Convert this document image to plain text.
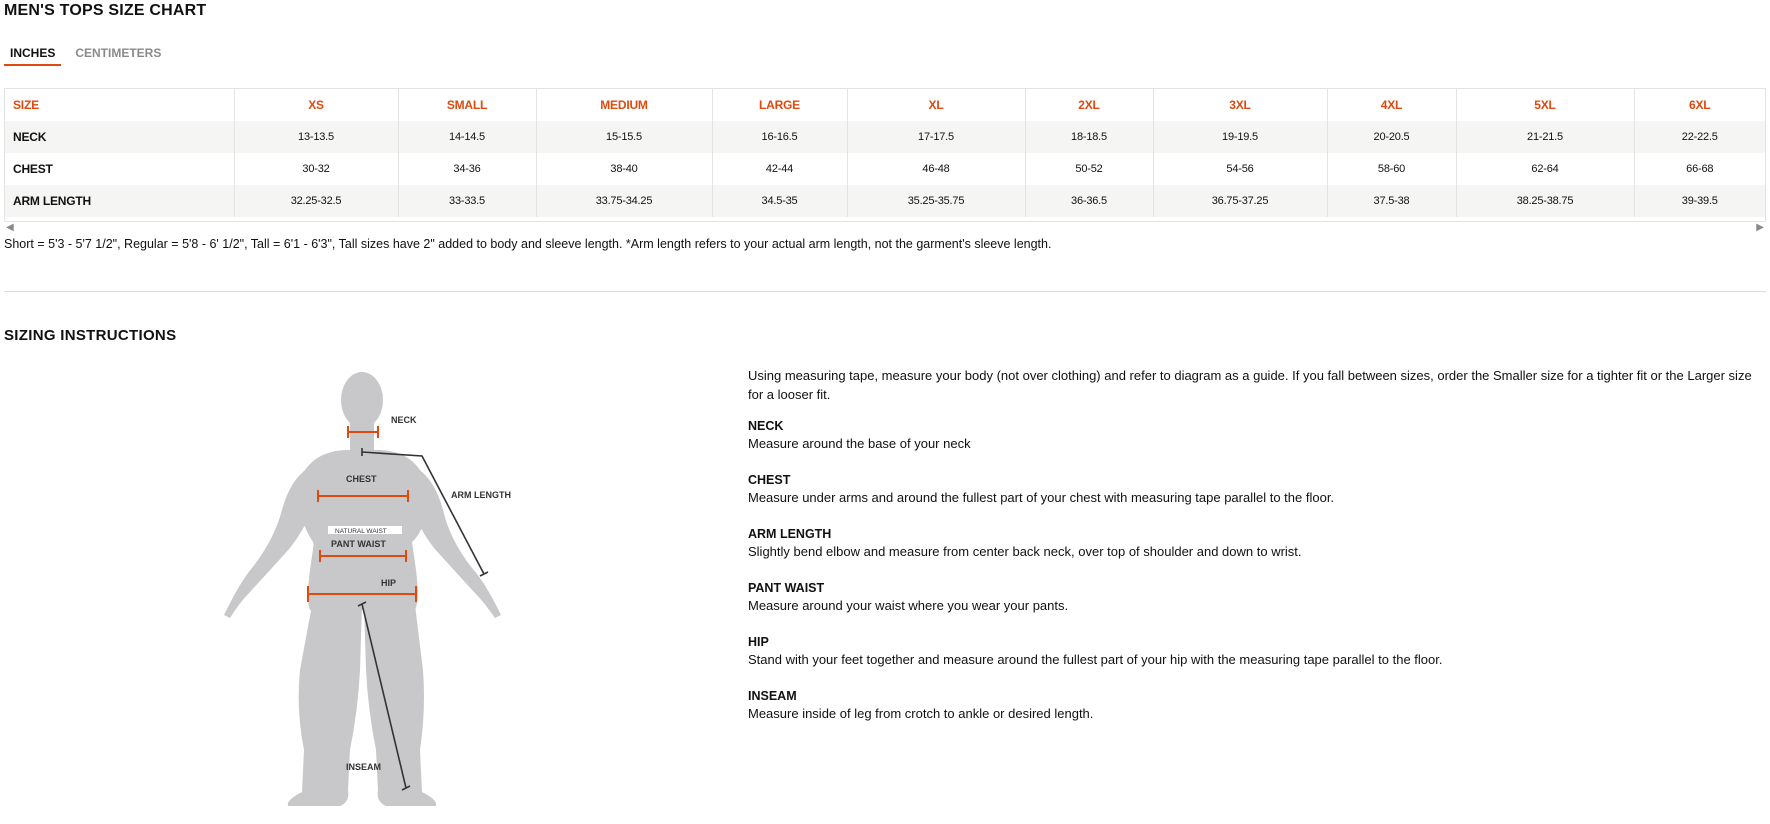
MEN'S TOPS SIZE CHART
INCHES	CENTIMETERS
SIZE	XS	SMALL	MEDIUM	LARGE	XL	2XL	3XL	4XL	5XL	6XL
NECK	13-13.5	14-14.5	15-15.5	16-16.5	17-17.5	18-18.5	19-19.5	20-20.5	21-21.5	22-22.5
CHEST	30-32	34-36	38-40	42-44	46-48	50-52	54-56	58-60	62-64	66-68
ARM LENGTH	32.25-32.5	33-33.5	33.75-34.25	34.5-35	35.25-35.75	36-36.5	36.75-37.25	37.5-38	38.25-38.75	39-39.5
◀	▶
Short = 5'3 - 5'7 1/2", Regular = 5'8 - 6' 1/2", Tall = 6'1 - 6'3", Tall sizes have 2" added to body and sleeve length. *Arm length refers to your actual arm length, not the garment's sleeve length.
SIZING INSTRUCTIONS
NECK
ARM LENGTH
CHEST
NATURAL WAIST
PANT WAIST
HIP
INSEAM

Using measuring tape, measure your body (not over clothing) and refer to diagram as a guide. If you fall between sizes, order the Smaller size for a tighter fit or the Larger size for a looser fit.

NECK
Measure around the base of your neck
CHEST
Measure under arms and around the fullest part of your chest with measuring tape parallel to the floor.
ARM LENGTH
Slightly bend elbow and measure from center back neck, over top of shoulder and down to wrist.
PANT WAIST
Measure around your waist where you wear your pants.
HIP
Stand with your feet together and measure around the fullest part of your hip with the measuring tape parallel to the floor.
INSEAM
Measure inside of leg from crotch to ankle or desired length.
